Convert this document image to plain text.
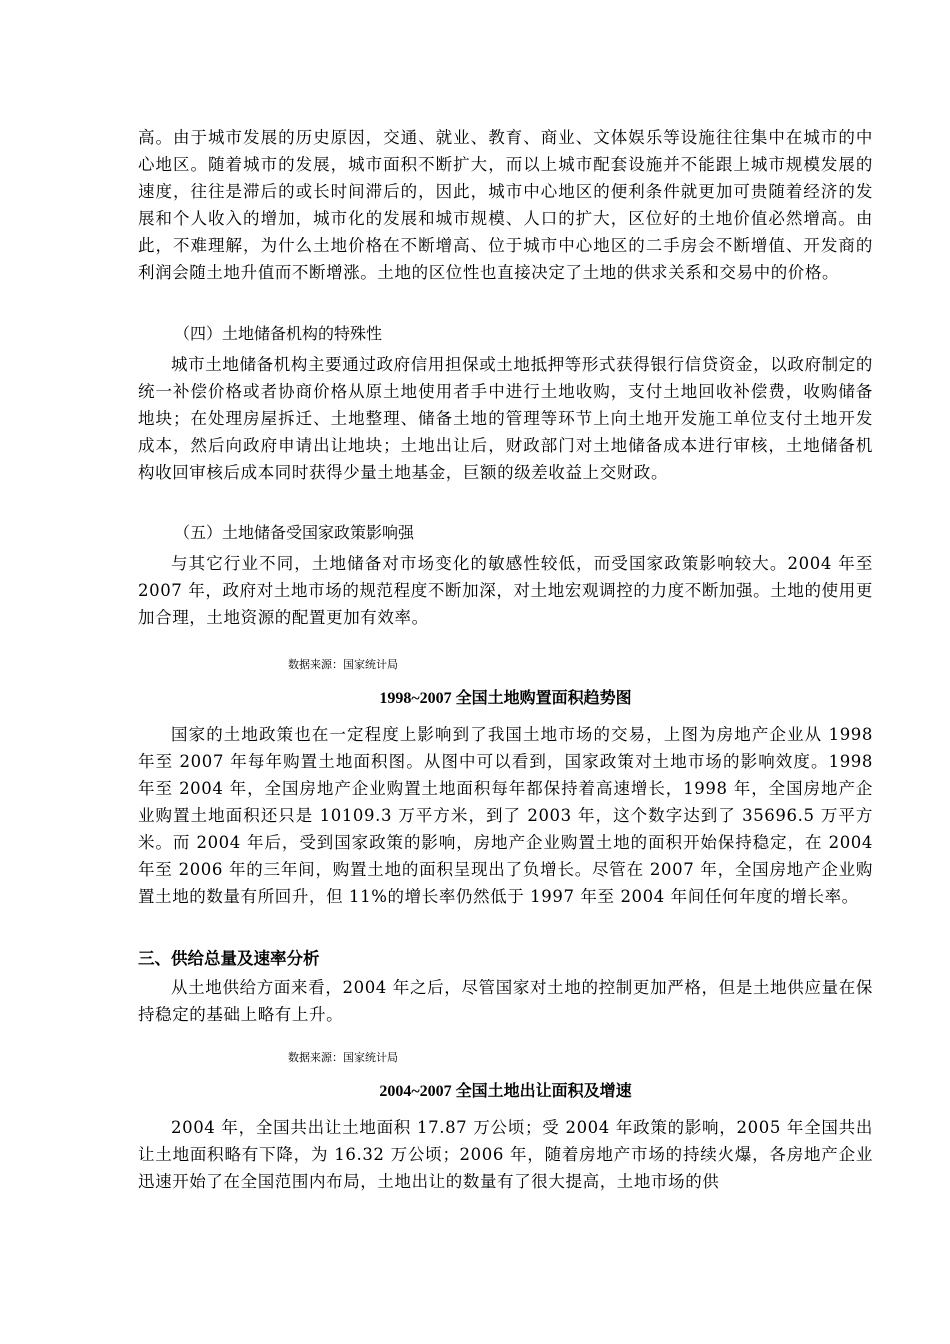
高。由于城市发展的历史原因，交通、就业、教育、商业、文体娱乐等设施往往集中在城市的中心地区。随着城市的发展，城市面积不断扩大，而以上城市配套设施并不能跟上城市规模发展的速度，往往是滞后的或长时间滞后的，因此，城市中心地区的便利条件就更加可贵随着经济的发展和个人收入的增加，城市化的发展和城市规模、人口的扩大，区位好的土地价值必然增高。由此，不难理解，为什么土地价格在不断增高、位于城市中心地区的二手房会不断增值、开发商的利润会随土地升值而不断增涨。土地的区位性也直接决定了土地的供求关系和交易中的价格。

（四）土地储备机构的特殊性

城市土地储备机构主要通过政府信用担保或土地抵押等形式获得银行信贷资金，以政府制定的统一补偿价格或者协商价格从原土地使用者手中进行土地收购，支付土地回收补偿费，收购储备地块；在处理房屋拆迁、土地整理、储备土地的管理等环节上向土地开发施工单位支付土地开发成本，然后向政府申请出让地块；土地出让后，财政部门对土地储备成本进行审核，土地储备机构收回审核后成本同时获得少量土地基金，巨额的级差收益上交财政。

（五）土地储备受国家政策影响强

与其它行业不同，土地储备对市场变化的敏感性较低，而受国家政策影响较大。2004 年至 2007 年，政府对土地市场的规范程度不断加深，对土地宏观调控的力度不断加强。土地的使用更加合理，土地资源的配置更加有效率。

数据来源：国家统计局
1998~2007 全国土地购置面积趋势图

国家的土地政策也在一定程度上影响到了我国土地市场的交易，上图为房地产企业从 1998 年至 2007 年每年购置土地面积图。从图中可以看到，国家政策对土地市场的影响效度。1998 年至 2004 年，全国房地产企业购置土地面积每年都保持着高速增长，1998 年，全国房地产企业购置土地面积还只是 10109.3 万平方米，到了 2003 年，这个数字达到了 35696.5 万平方米。而 2004 年后，受到国家政策的影响，房地产企业购置土地的面积开始保持稳定，在 2004 年至 2006 年的三年间，购置土地的面积呈现出了负增长。尽管在 2007 年，全国房地产企业购置土地的数量有所回升，但 11%的增长率仍然低于 1997 年至 2004 年间任何年度的增长率。

三、供给总量及速率分析

从土地供给方面来看，2004 年之后，尽管国家对土地的控制更加严格，但是土地供应量在保持稳定的基础上略有上升。

数据来源：国家统计局
2004~2007 全国土地出让面积及增速

2004 年，全国共出让土地面积 17.87 万公顷；受 2004 年政策的影响，2005 年全国共出让土地面积略有下降，为 16.32 万公顷；2006 年，随着房地产市场的持续火爆，各房地产企业迅速开始了在全国范围内布局，土地出让的数量有了很大提高，土地市场的供
